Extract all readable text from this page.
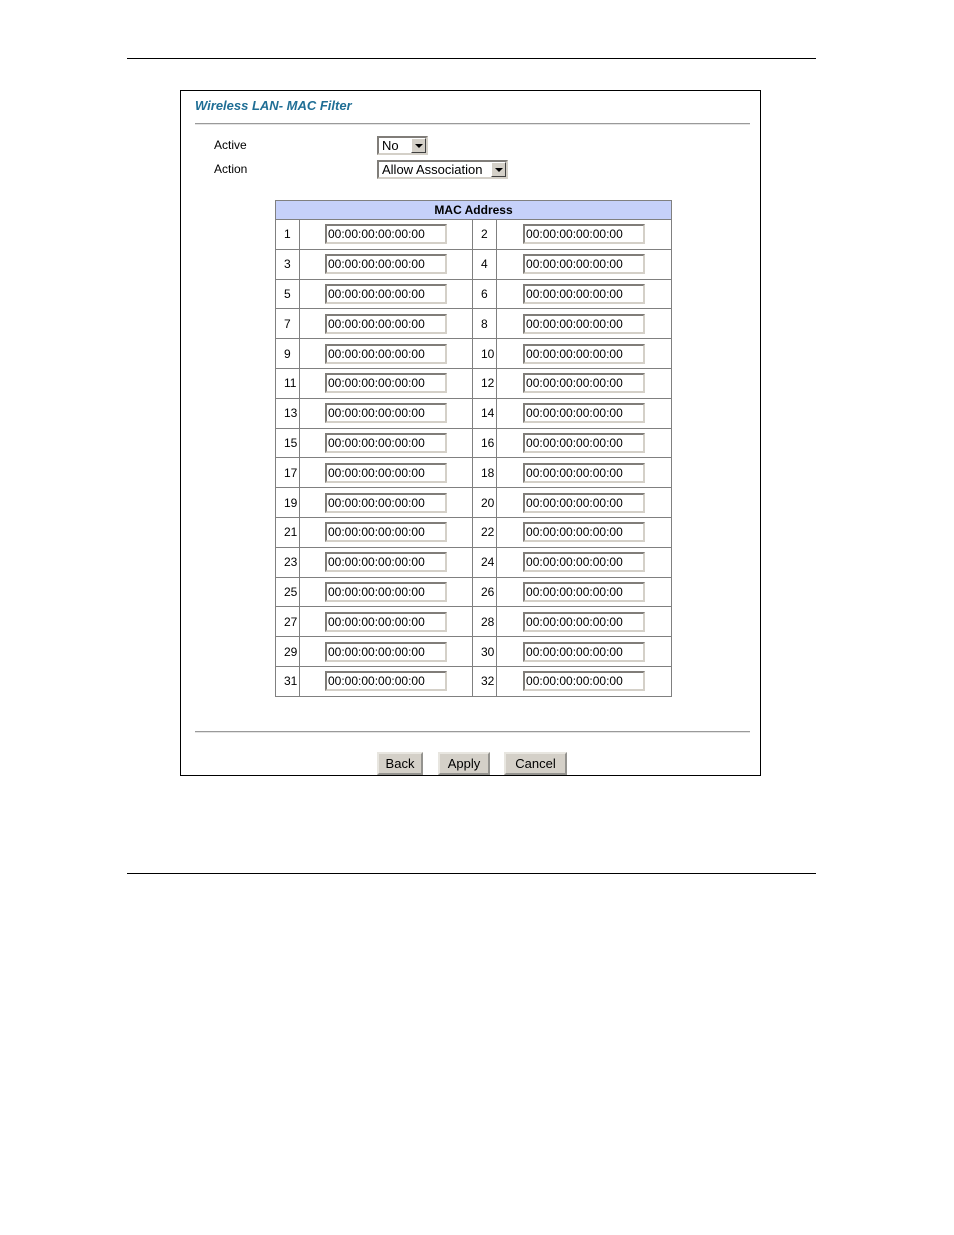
Wireless LAN- MAC Filter
Active	No
Action	Allow Association
MAC Address			
1	00:00:00:00:00:00	2	00:00:00:00:00:00
3	00:00:00:00:00:00	4	00:00:00:00:00:00
5	00:00:00:00:00:00	6	00:00:00:00:00:00
7	00:00:00:00:00:00	8	00:00:00:00:00:00
9	00:00:00:00:00:00	10	00:00:00:00:00:00
11	00:00:00:00:00:00	12	00:00:00:00:00:00
13	00:00:00:00:00:00	14	00:00:00:00:00:00
15	00:00:00:00:00:00	16	00:00:00:00:00:00
17	00:00:00:00:00:00	18	00:00:00:00:00:00
19	00:00:00:00:00:00	20	00:00:00:00:00:00
21	00:00:00:00:00:00	22	00:00:00:00:00:00
23	00:00:00:00:00:00	24	00:00:00:00:00:00
25	00:00:00:00:00:00	26	00:00:00:00:00:00
27	00:00:00:00:00:00	28	00:00:00:00:00:00
29	00:00:00:00:00:00	30	00:00:00:00:00:00
31	00:00:00:00:00:00	32	00:00:00:00:00:00
Back	Apply	Cancel
